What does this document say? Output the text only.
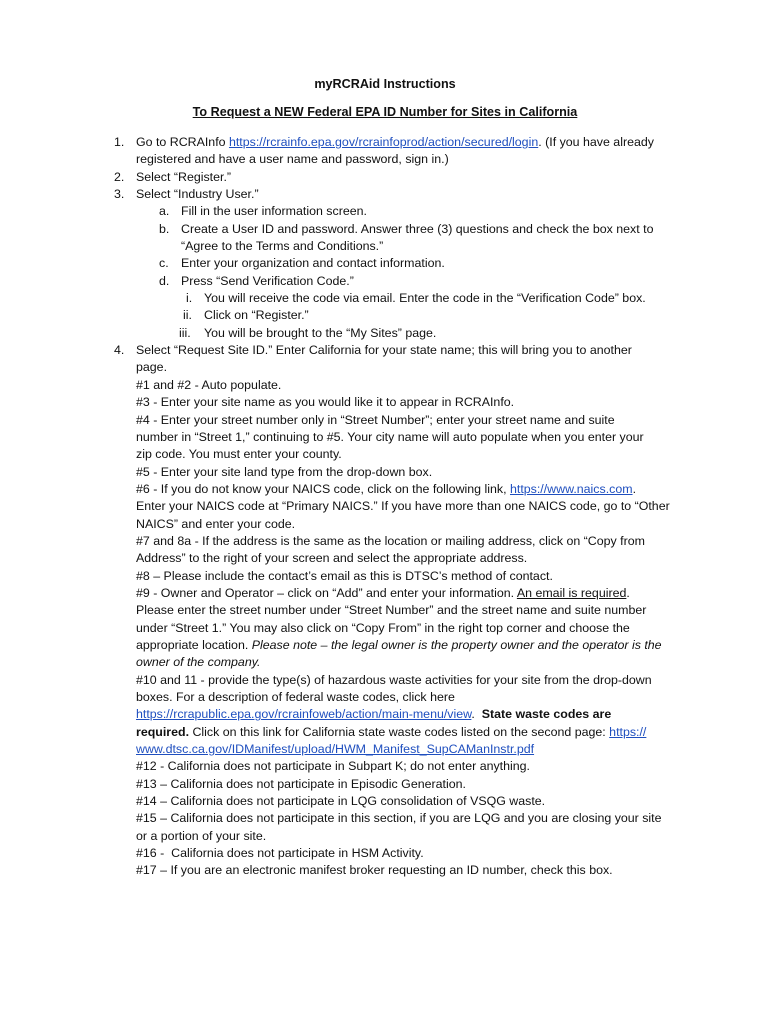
myRCRAid Instructions
To Request a NEW Federal EPA ID Number for Sites in California
1. Go to RCRAInfo https://rcrainfo.epa.gov/rcrainfoprod/action/secured/login. (If you have already
registered and have a user name and password, sign in.)
2. Select “Register.”
3. Select “Industry User.”
a. Fill in the user information screen.
b. Create a User ID and password. Answer three (3) questions and check the box next to
“Agree to the Terms and Conditions.”
c. Enter your organization and contact information.
d. Press “Send Verification Code.”
i. You will receive the code via email. Enter the code in the “Verification Code” box.
ii. Click on “Register.”
iii. You will be brought to the “My Sites” page.
4. Select “Request Site ID.” Enter California for your state name; this will bring you to another
page.
#1 and #2 - Auto populate.
#3 - Enter your site name as you would like it to appear in RCRAInfo.
#4 - Enter your street number only in “Street Number”; enter your street name and suite
number in “Street 1,” continuing to #5. Your city name will auto populate when you enter your
zip code. You must enter your county.
#5 - Enter your site land type from the drop-down box.
#6 - If you do not know your NAICS code, click on the following link, https://www.naics.com.
Enter your NAICS code at “Primary NAICS.” If you have more than one NAICS code, go to “Other
NAICS” and enter your code.
#7 and 8a - If the address is the same as the location or mailing address, click on “Copy from
Address” to the right of your screen and select the appropriate address.
#8 – Please include the contact’s email as this is DTSC’s method of contact.
#9 - Owner and Operator – click on “Add” and enter your information. An email is required.
Please enter the street number under “Street Number” and the street name and suite number
under “Street 1.” You may also click on “Copy From” in the right top corner and choose the
appropriate location. Please note – the legal owner is the property owner and the operator is the
owner of the company.
#10 and 11 - provide the type(s) of hazardous waste activities for your site from the drop-down
boxes. For a description of federal waste codes, click here
https://rcrapublic.epa.gov/rcrainfoweb/action/main-menu/view.  State waste codes are
required. Click on this link for California state waste codes listed on the second page: https://
www.dtsc.ca.gov/IDManifest/upload/HWM_Manifest_SupCAManInstr.pdf
#12 - California does not participate in Subpart K; do not enter anything.
#13 – California does not participate in Episodic Generation.
#14 – California does not participate in LQG consolidation of VSQG waste.
#15 – California does not participate in this section, if you are LQG and you are closing your site
or a portion of your site.
#16 -  California does not participate in HSM Activity.
#17 – If you are an electronic manifest broker requesting an ID number, check this box.
